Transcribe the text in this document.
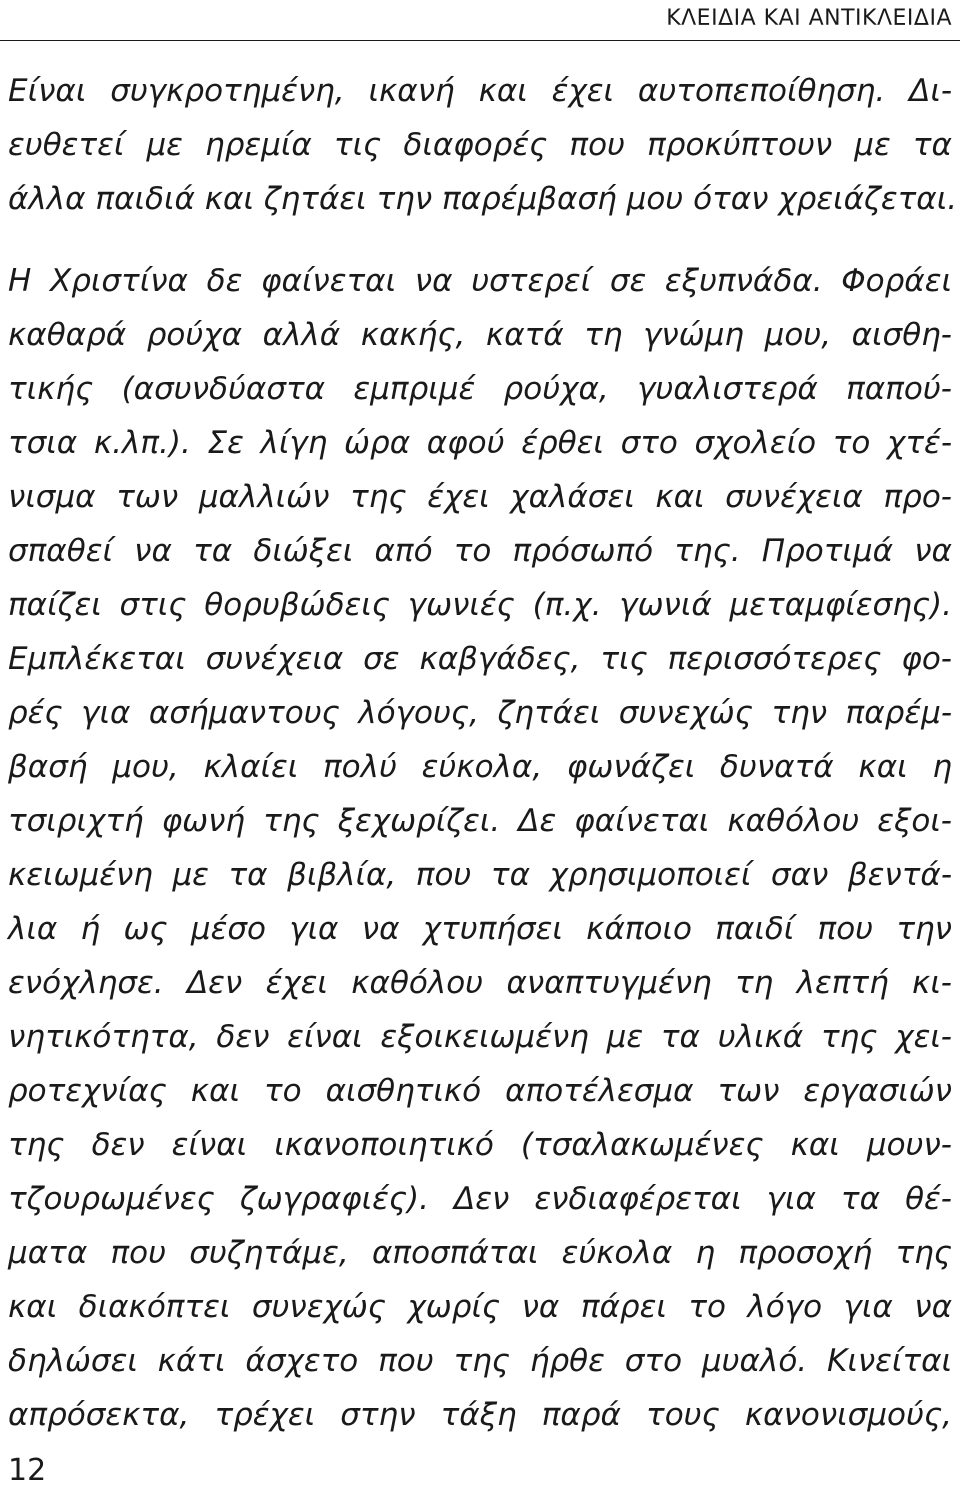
ΚΛΕΙΔΙΑ ΚΑΙ ΑΝΤΙΚΛΕΙΔΙΑ
Είναι συγκροτημένη, ικανή και έχει αυτοπεποίθηση. Δι-
ευθετεί με ηρεμία τις διαφορές που προκύπτουν με τα
άλλα παιδιά και ζητάει την παρέμβασή μου όταν χρειάζεται.
Η Χριστίνα δε φαίνεται να υστερεί σε εξυπνάδα. Φοράει
καθαρά ρούχα αλλά κακής, κατά τη γνώμη μου, αισθη-
τικής (ασυνδύαστα εμπριμέ ρούχα, γυαλιστερά παπού-
τσια κ.λπ.). Σε λίγη ώρα αφού έρθει στο σχολείο το χτέ-
νισμα των μαλλιών της έχει χαλάσει και συνέχεια προ-
σπαθεί να τα διώξει από το πρόσωπό της. Προτιμά να
παίζει στις θορυβώδεις γωνιές (π.χ. γωνιά μεταμφίεσης).
Εμπλέκεται συνέχεια σε καβγάδες, τις περισσότερες φο-
ρές για ασήμαντους λόγους, ζητάει συνεχώς την παρέμ-
βασή μου, κλαίει πολύ εύκολα, φωνάζει δυνατά και η
τσιριχτή φωνή της ξεχωρίζει. Δε φαίνεται καθόλου εξοι-
κειωμένη με τα βιβλία, που τα χρησιμοποιεί σαν βεντά-
λια ή ως μέσο για να χτυπήσει κάποιο παιδί που την
ενόχλησε. Δεν έχει καθόλου αναπτυγμένη τη λεπτή κι-
νητικότητα, δεν είναι εξοικειωμένη με τα υλικά της χει-
ροτεχνίας και το αισθητικό αποτέλεσμα των εργασιών
της δεν είναι ικανοποιητικό (τσαλακωμένες και μουν-
τζουρωμένες ζωγραφιές). Δεν ενδιαφέρεται για τα θέ-
ματα που συζητάμε, αποσπάται εύκολα η προσοχή της
και διακόπτει συνεχώς χωρίς να πάρει το λόγο για να
δηλώσει κάτι άσχετο που της ήρθε στο μυαλό. Κινείται
απρόσεκτα, τρέχει στην τάξη παρά τους κανονισμούς,
12
